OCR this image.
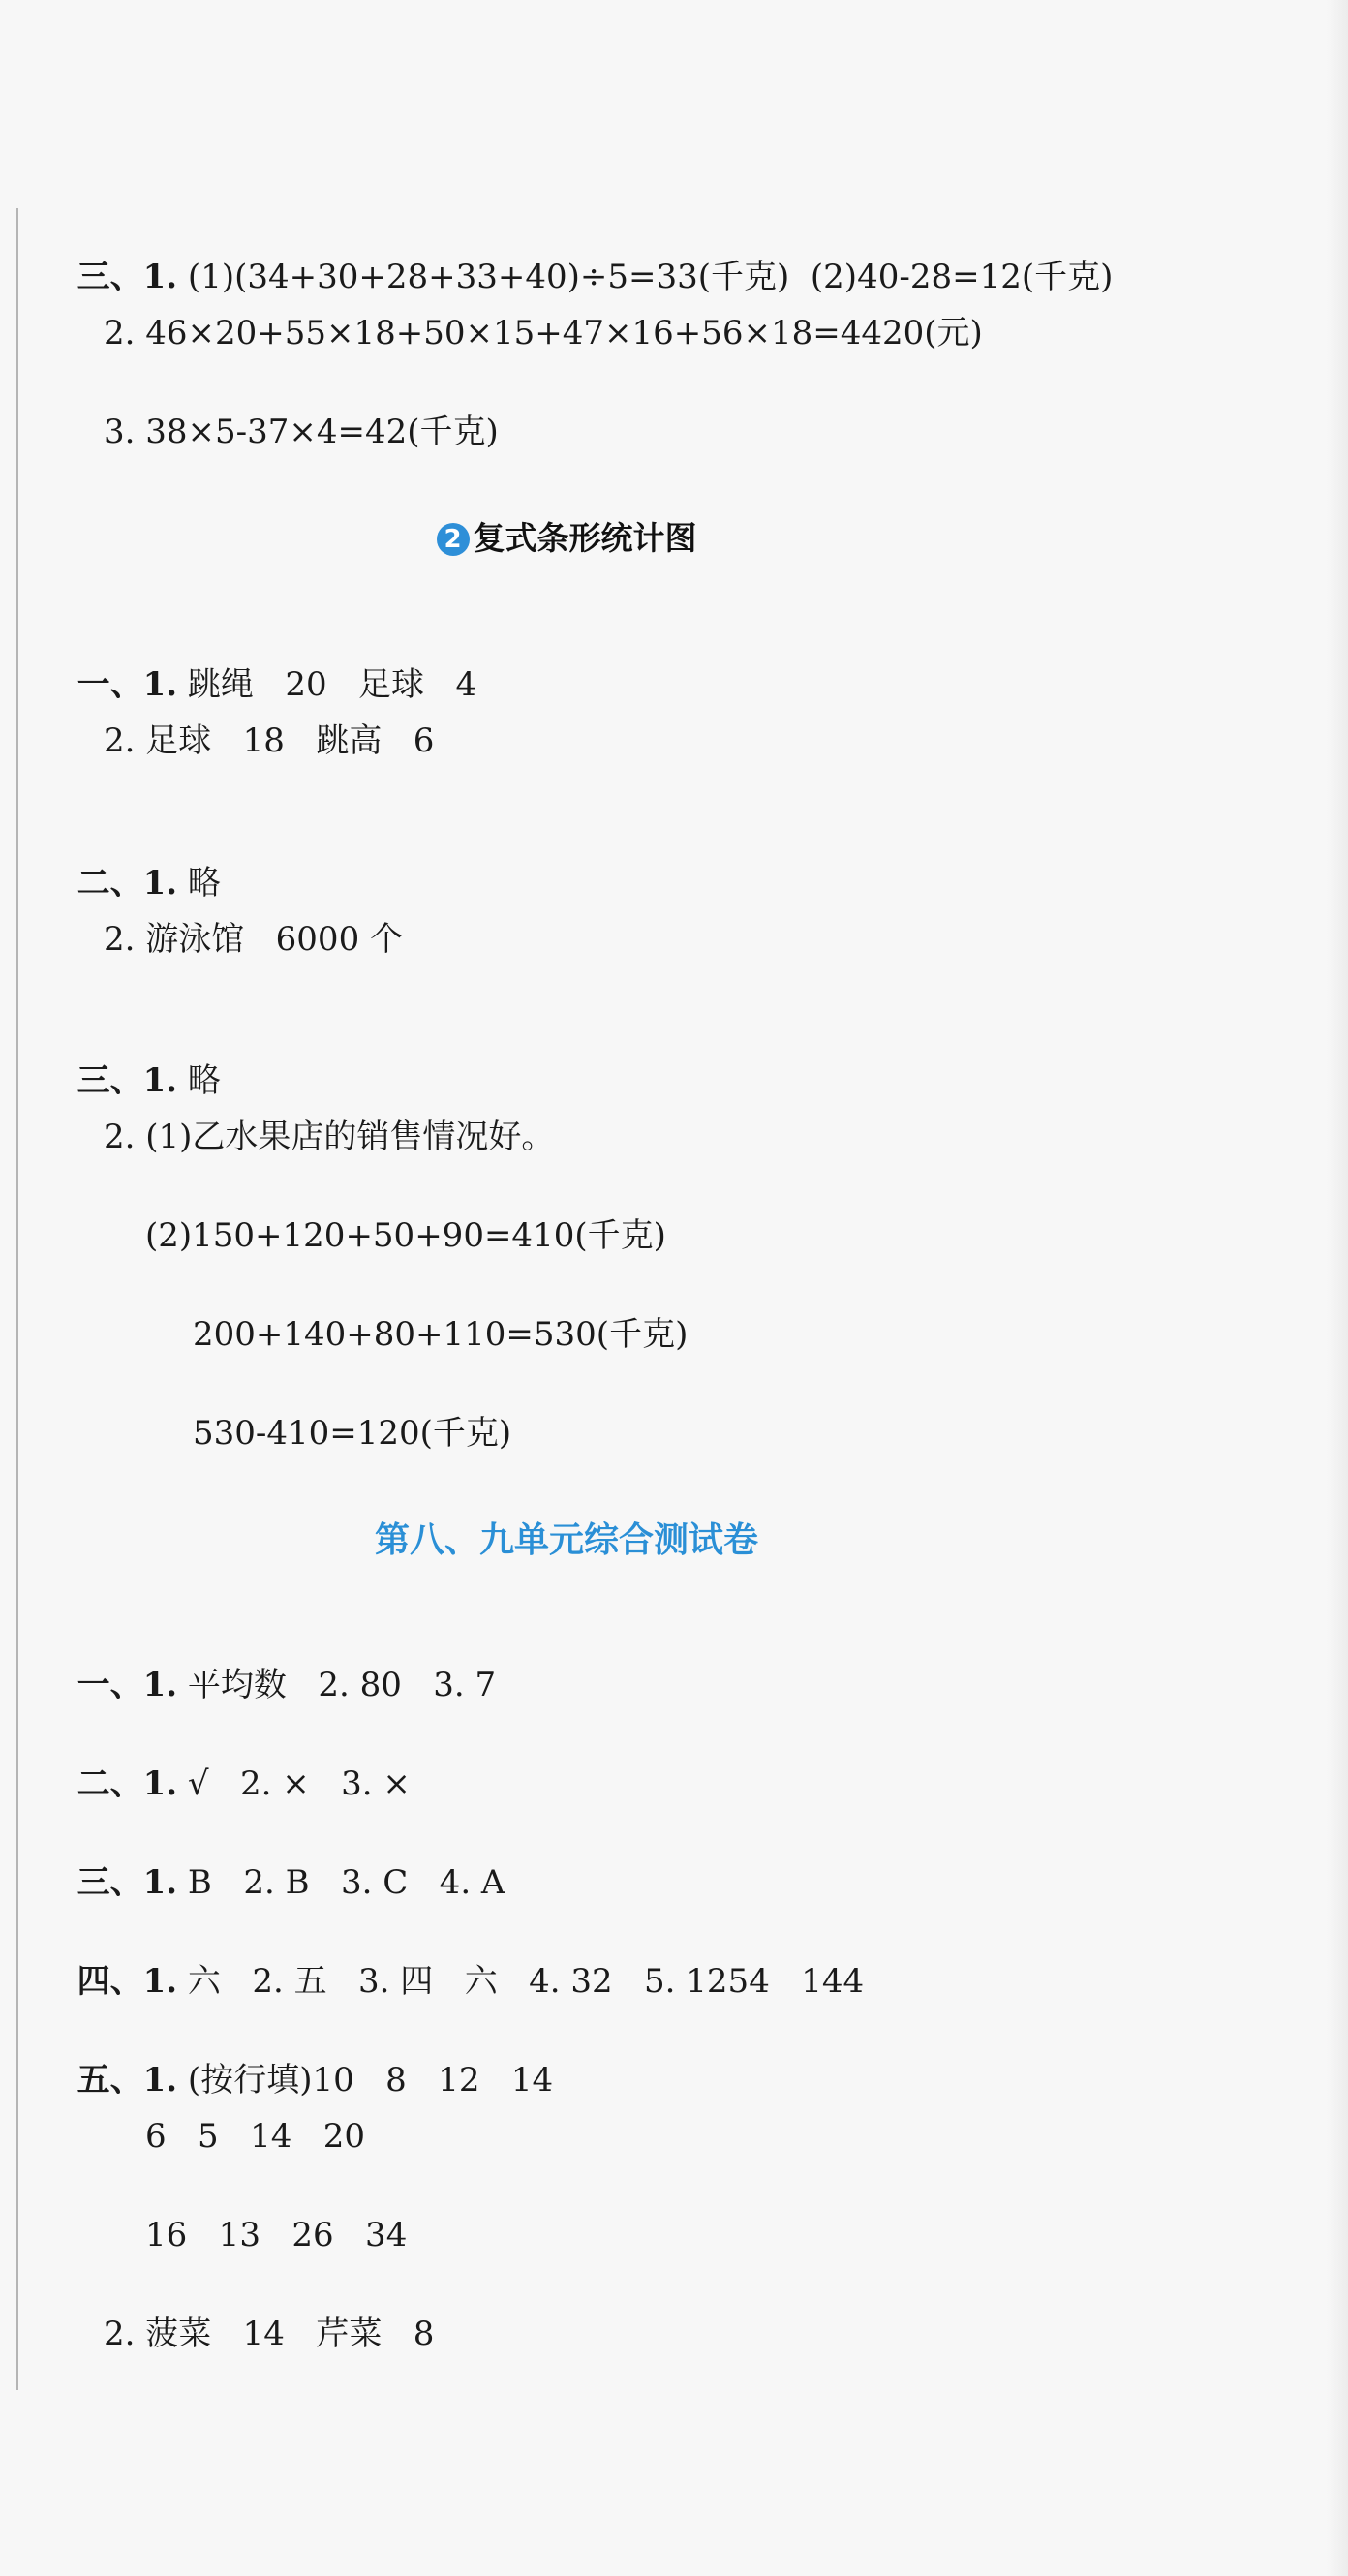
三、1. (1)(34+30+28+33+40)÷5=33(千克)  (2)40-28=12(千克)

2. 46×20+55×18+50×15+47×16+56×18=4420(元)
3. 38×5-37×4=42(千克)
2 复式条形统计图

一、1. 跳绳   20   足球   4

2. 足球   18   跳高   6

二、1. 略

2. 游泳馆   6000 个

三、1. 略

2. (1)乙水果店的销售情况好。
(2)150+120+50+90=410(千克)
200+140+80+110=530(千克)
530-410=120(千克)
第八、九单元综合测试卷

一、1. 平均数   2. 80   3. 7

二、1. √   2. ×   3. ×

三、1. B   2. B   3. C   4. A

四、1. 六   2. 五   3. 四   六   4. 32   5. 1254   144

五、1. (按行填)10   8   12   14

6   5   14   20
16   13   26   34
2. 菠菜   14   芹菜   8
